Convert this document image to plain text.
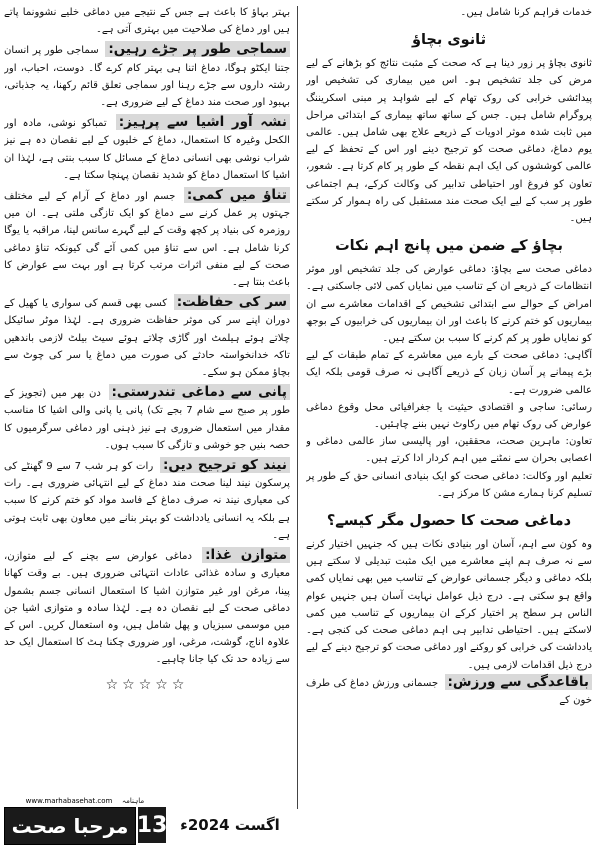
خدمات فراہم کرنا شامل ہیں۔

ثانوی بچاؤ

ثانوی بچاؤ پر زور دینا ہے کہ صحت کے مثبت نتائج کو بڑھانے کے لیے مرض کی جلد تشخیص ہو۔ اس میں بیماری کی تشخیص اور پیدائشی خرابی کی روک تھام کے لیے شواہد پر مبنی اسکریننگ پروگرام شامل ہیں۔ جس کے ساتھ ساتھ بیماری کے ابتدائی مراحل میں ثابت شدہ موثر ادویات کے ذریعے علاج بھی شامل ہیں۔ عالمی یوم دماغ، دماغی صحت کو ترجیح دینے اور اس کے تحفظ کے لیے عالمی کوششوں کی ایک اہم نقطہ کے طور پر کام کرتا ہے۔ شعور، تعاون کو فروغ اور احتیاطی تدابیر کی وکالت کرکے، ہم اجتماعی طور پر سب کے لیے ایک صحت مند مستقبل کی راہ ہموار کر سکتے ہیں۔

بچاؤ کے ضمن میں پانچ اہم نکات

دماغی صحت سے بچاؤ: دماغی عوارض کی جلد تشخیص اور موثر انتظامات کے ذریعے ان کے تناسب میں نمایاں کمی لائی جاسکتی ہے۔ امراض کے حوالے سے ابتدائی تشخیص کے اقدامات معاشرے سے ان بیماریوں کو ختم کرنے کا باعث اور ان بیماریوں کی خرابیوں کے بوجھ کو نمایاں طور پر کم کرنے کا سبب بن سکتے ہیں۔

آگاہی: دماغی صحت کے بارے میں معاشرے کے تمام طبقات کے لیے بڑے پیمانے پر آسان زبان کے ذریعے آگاہی نہ صرف قومی بلکہ ایک عالمی ضرورت ہے۔

رسائی: ساجی و اقتصادی حیثیت یا جغرافیائی محل وقوع دماغی عوارض کی روک تھام میں رکاوٹ نہیں بننے چاہئیں۔

تعاون: ماہرین صحت، محققین، اور پالیسی ساز عالمی دماغی و اعصابی بحران سے نمٹنے میں اہم کردار ادا کرتے ہیں۔

تعلیم اور وکالت: دماغی صحت کو ایک بنیادی انسانی حق کے طور پر تسلیم کرنا ہمارے مشن کا مرکز ہے۔

دماغی صحت کا حصول مگر کیسے؟

وہ کون سے اہم، آسان اور بنیادی نکات ہیں کہ جنہیں اختیار کرنے سے نہ صرف ہم اپنے معاشرے میں ایک مثبت تبدیلی لا سکتے ہیں بلکہ دماغی و دیگر جسمانی عوارض کے تناسب میں بھی نمایاں کمی واقع ہو سکتی ہے۔ درج ذیل عوامل نہایت آسان ہیں جنہیں عوام الناس ہر سطح پر اختیار کرکے ان بیماریوں کے تناسب میں کمی لاسکتے ہیں۔ احتیاطی تدابیر ہی اہم دماغی صحت کی کنجی ہے۔ یادداشت کی خرابی کو روکنے اور دماغی صحت کو ترجیح دینے کے لیے درج ذیل اقدامات لازمی ہیں۔

باقاعدگی سے ورزش: جسمانی ورزش دماغ کی طرف خون کے

بہتر بہاؤ کا باعث ہے جس کے نتیجے میں دماغی خلیے نشوونما پاتے ہیں اور دماغ کی صلاحیت میں بہتری آتی ہے۔

سماجی طور پر جڑے رہیں: سماجی طور پر انسان جتنا ایکٹو ہوگا، دماغ اتنا ہی بہتر کام کرے گا۔ دوست، احباب، اور رشتہ داروں سے جڑے رہنا اور سماجی تعلق قائم رکھنا، یہ جذباتی، بہبود اور صحت مند دماغ کے لیے ضروری ہے۔

نشہ آور اشیا سے پرہیز: تمباکو نوشی، مادہ اور الکحل وغیرہ کا استعمال، دماغ کے خلیوں کے لیے نقصان دہ ہے نیز شراب نوشی بھی انسانی دماغ کے مسائل کا سبب بنتی ہے، لہٰذا ان اشیا کا استعمال دماغ کو شدید نقصان پہنچا سکتا ہے۔

تناؤ میں کمی: جسم اور دماغ کے آرام کے لیے مختلف جہتوں پر عمل کرنے سے دماغ کو ایک تازگی ملتی ہے۔ ان میں روزمرہ کی بنیاد پر کچھ وقت کے لیے گہرے سانس لینا، مراقبہ یا یوگا کرنا شامل ہے۔ اس سے تناؤ میں کمی آئے گی کیونکہ تناؤ دماغی صحت کے لیے منفی اثرات مرتب کرتا ہے اور بہت سے عوارض کا باعث بنتا ہے۔

سر کی حفاظت: کسی بھی قسم کی سواری یا کھیل کے دوران اپنے سر کی موثر حفاظت ضروری ہے۔ لہٰذا موٹر سائیکل چلاتے ہوئے ہیلمٹ اور گاڑی چلاتے ہوئے سیٹ بیلٹ لازمی باندھیں تاکہ خدانخواستہ حادثے کی صورت میں دماغ یا سر کی چوٹ سے بچاؤ ممکن ہو سکے۔

پانی سے دماغی تندرستی: دن بھر میں (تجویز کے طور پر صبح سے شام 7 بجے تک) پانی یا پانی والی اشیا کا مناسب مقدار میں استعمال ضروری ہے نیز ذہنی اور دماغی سرگرمیوں کا حصہ بنیں جو خوشی و تازگی کا سبب ہوں۔

نیند کو ترجیح دیں: رات کو ہر شب 7 سے 9 گھنٹے کی پرسکون نیند لینا صحت مند دماغ کے لیے انتہائی ضروری ہے۔ رات کی معیاری نیند نہ صرف دماغ کے فاسد مواد کو ختم کرنے کا سبب ہے بلکہ یہ انسانی یادداشت کو بہتر بنانے میں معاون بھی ثابت ہوتی ہے۔

متوازن غذا: دماغی عوارض سے بچنے کے لیے متوازن، معیاری و سادہ غذائی عادات انتہائی ضروری ہیں۔ بے وقت کھانا پینا، مرغن اور غیر متوازن اشیا کا استعمال انسانی جسم بشمول دماغی صحت کے لیے نقصان دہ ہے۔ لہٰذا سادہ و متوازی اشیا جن میں موسمی سبزیاں و پھل شامل ہیں، وہ استعمال کریں۔ اس کے علاوہ اناج، گوشت، مرغی، اور ضروری چکنا ہٹ کا استعمال ایک حد سے زیادہ حد تک کیا جانا چاہیے۔

☆☆☆☆☆
www.marhabasehat.com	ماہنامہ
مرحبا صحت 13 اگست 2024ء
